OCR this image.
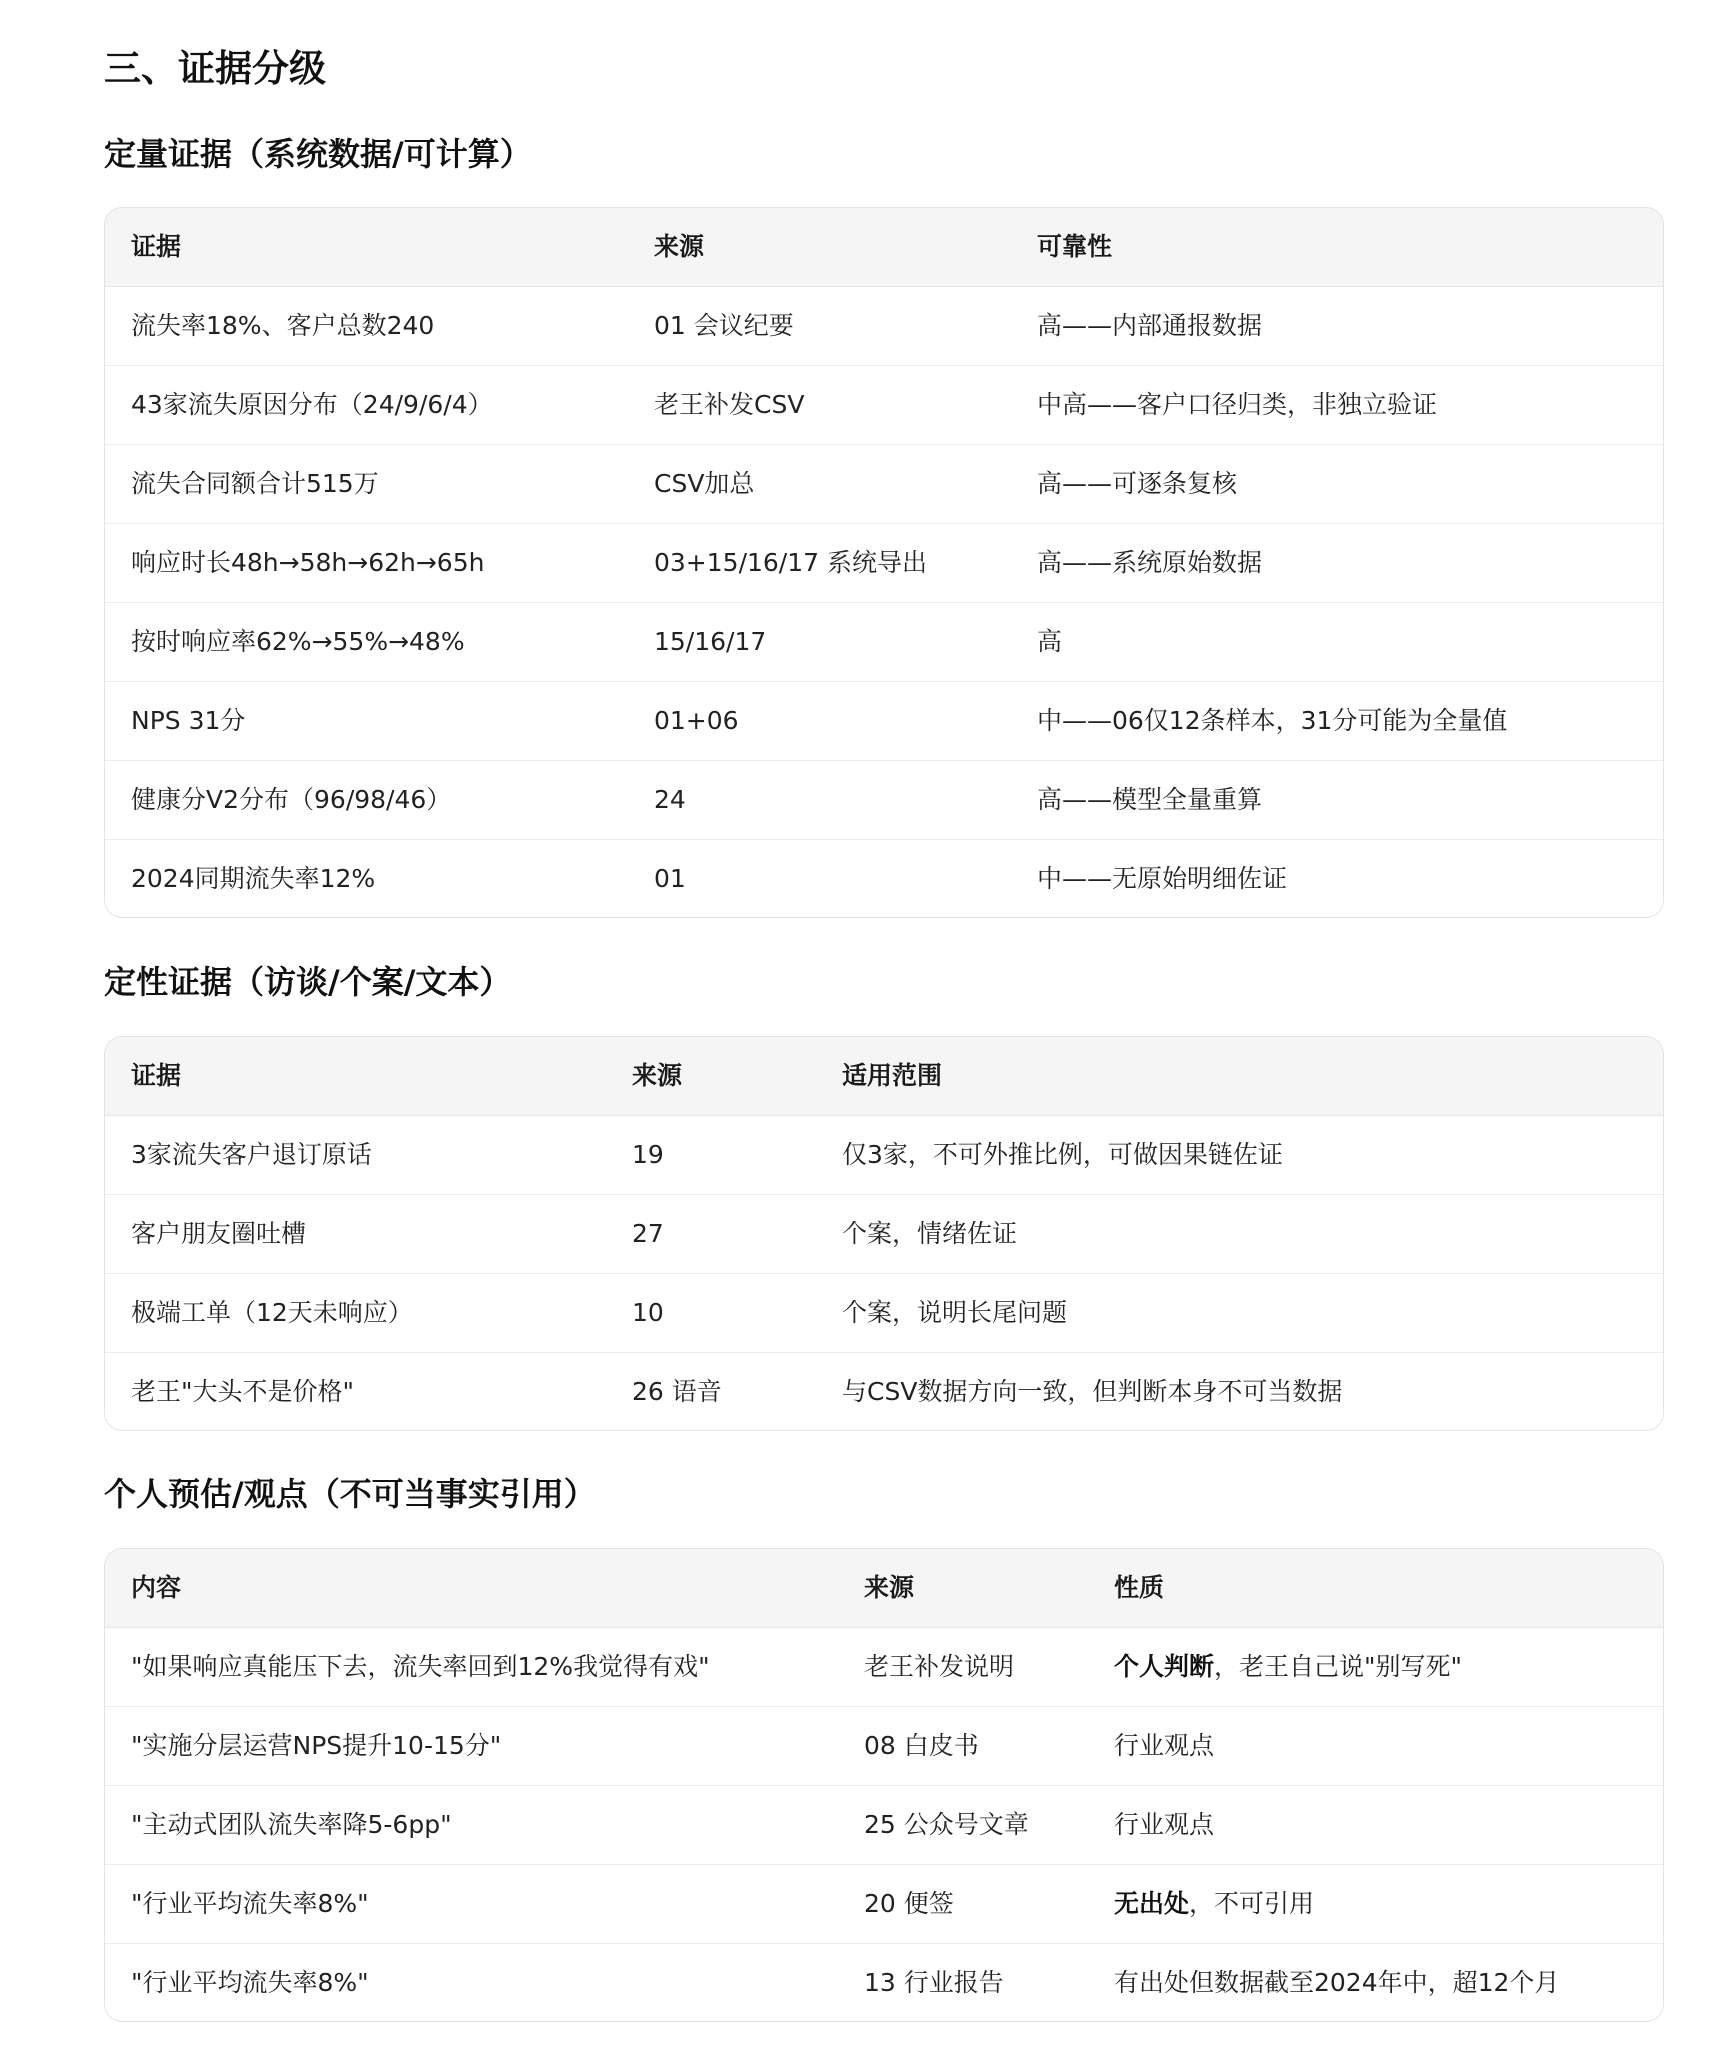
三、证据分级
定量证据（系统数据/可计算）
证据	来源	可靠性
流失率18%、客户总数240	01 会议纪要	高——内部通报数据
43家流失原因分布（24/9/6/4）	老王补发CSV	中高——客户口径归类，非独立验证
流失合同额合计515万	CSV加总	高——可逐条复核
响应时长48h→58h→62h→65h	03+15/16/17 系统导出	高——系统原始数据
按时响应率62%→55%→48%	15/16/17	高
NPS 31分	01+06	中——06仅12条样本，31分可能为全量值
健康分V2分布（96/98/46）	24	高——模型全量重算
2024同期流失率12%	01	中——无原始明细佐证
定性证据（访谈/个案/文本）
证据	来源	适用范围
3家流失客户退订原话	19	仅3家，不可外推比例，可做因果链佐证
客户朋友圈吐槽	27	个案，情绪佐证
极端工单（12天未响应）	10	个案，说明长尾问题
老王"大头不是价格"	26 语音	与CSV数据方向一致，但判断本身不可当数据
个人预估/观点（不可当事实引用）
内容	来源	性质
"如果响应真能压下去，流失率回到12%我觉得有戏"	老王补发说明	个人判断，老王自己说"别写死"
"实施分层运营NPS提升10-15分"	08 白皮书	行业观点
"主动式团队流失率降5-6pp"	25 公众号文章	行业观点
"行业平均流失率8%"	20 便签	无出处，不可引用
"行业平均流失率8%"	13 行业报告	有出处但数据截至2024年中，超12个月
